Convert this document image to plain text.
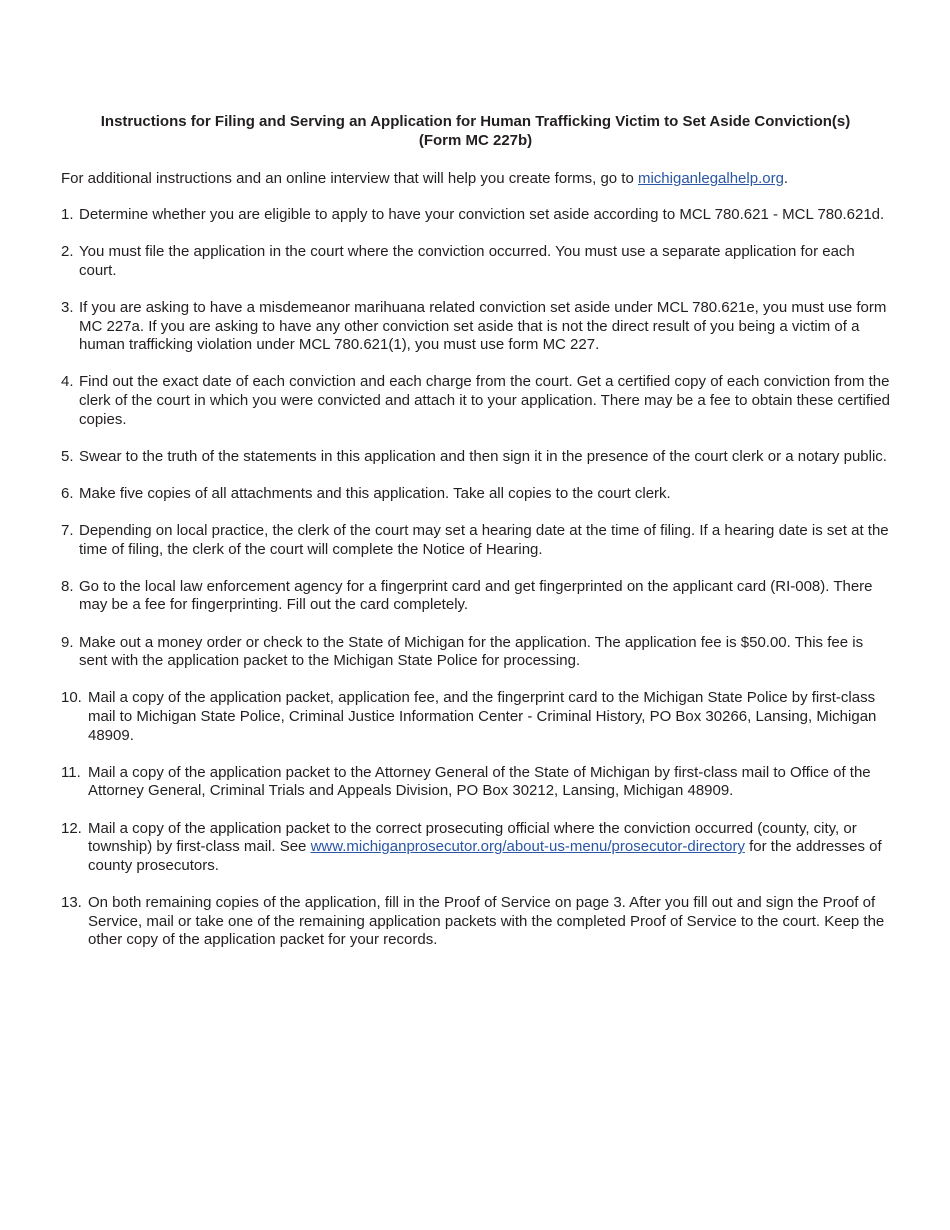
Instructions for Filing and Serving an Application for Human Trafficking Victim to Set Aside Conviction(s)
(Form MC 227b)

For additional instructions and an online interview that will help you create forms, go to michiganlegalhelp.org.

1. Determine whether you are eligible to apply to have your conviction set aside according to MCL 780.621 - MCL 780.621d.
2. You must file the application in the court where the conviction occurred. You must use a separate application for each court.
3. If you are asking to have a misdemeanor marihuana related conviction set aside under MCL 780.621e, you must use form MC 227a. If you are asking to have any other conviction set aside that is not the direct result of you being a victim of a human trafficking violation under MCL 780.621(1), you must use form MC 227.
4. Find out the exact date of each conviction and each charge from the court. Get a certified copy of each conviction from the clerk of the court in which you were convicted and attach it to your application. There may be a fee to obtain these certified copies.
5. Swear to the truth of the statements in this application and then sign it in the presence of the court clerk or a notary public.
6. Make five copies of all attachments and this application. Take all copies to the court clerk.
7. Depending on local practice, the clerk of the court may set a hearing date at the time of filing. If a hearing date is set at the time of filing, the clerk of the court will complete the Notice of Hearing.
8. Go to the local law enforcement agency for a fingerprint card and get fingerprinted on the applicant card (RI-008). There may be a fee for fingerprinting. Fill out the card completely.
9. Make out a money order or check to the State of Michigan for the application. The application fee is $50.00. This fee is sent with the application packet to the Michigan State Police for processing.
10. Mail a copy of the application packet, application fee, and the fingerprint card to the Michigan State Police by first-class mail to Michigan State Police, Criminal Justice Information Center - Criminal History, PO Box 30266, Lansing, Michigan 48909.
11. Mail a copy of the application packet to the Attorney General of the State of Michigan by first-class mail to Office of the Attorney General, Criminal Trials and Appeals Division, PO Box 30212, Lansing, Michigan 48909.
12. Mail a copy of the application packet to the correct prosecuting official where the conviction occurred (county, city, or township) by first-class mail. See www.michiganprosecutor.org/about-us-menu/prosecutor-directory for the addresses of county prosecutors.
13. On both remaining copies of the application, fill in the Proof of Service on page 3. After you fill out and sign the Proof of Service, mail or take one of the remaining application packets with the completed Proof of Service to the court. Keep the other copy of the application packet for your records.
